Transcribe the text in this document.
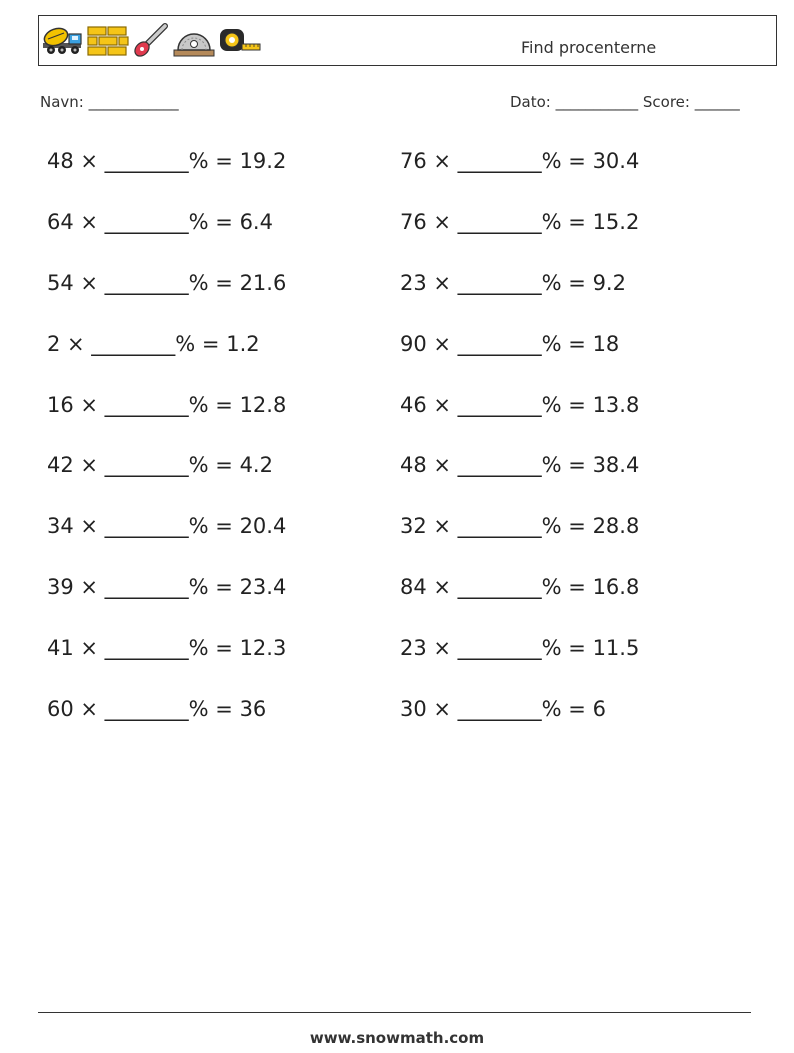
Find procenterne
Navn: ____________	Dato: ___________ Score: ______
48 × ________% = 19.2
64 × ________% = 6.4
54 × ________% = 21.6
2 × ________% = 1.2
16 × ________% = 12.8
42 × ________% = 4.2
34 × ________% = 20.4
39 × ________% = 23.4
41 × ________% = 12.3
60 × ________% = 36
76 × ________% = 30.4
76 × ________% = 15.2
23 × ________% = 9.2
90 × ________% = 18
46 × ________% = 13.8
48 × ________% = 38.4
32 × ________% = 28.8
84 × ________% = 16.8
23 × ________% = 11.5
30 × ________% = 6
www.snowmath.com
